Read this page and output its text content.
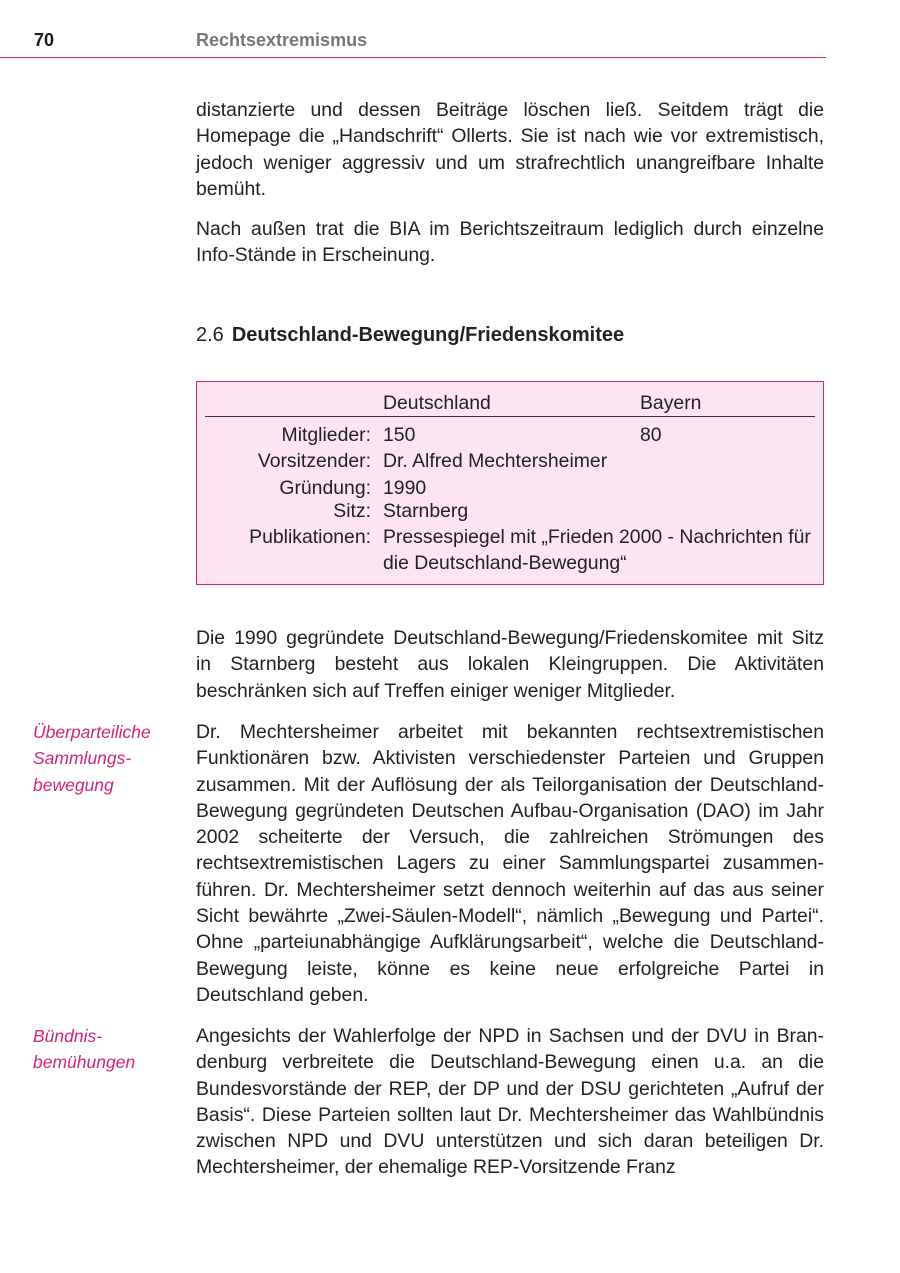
70	Rechtsextremismus

distanzierte und dessen Beiträge löschen ließ. Seitdem trägt die Homepage die „Handschrift“ Ollerts. Sie ist nach wie vor extremistisch, jedoch weniger aggressiv und um strafrechtlich unangreifbare Inhalte bemüht.

Nach außen trat die BIA im Berichtszeitraum lediglich durch einzelne Info-Stände in Erscheinung.

2.6 Deutschland-Bewegung/Friedenskomitee
Deutschland	Bayern
Mitglieder: 150	80
Vorsitzender: Dr. Alfred Mechtersheimer
Gründung: 1990
Sitz: Starnberg
Publikationen: Pressespiegel mit „Frieden 2000 - Nachrichten für die Deutschland-Bewegung“

Die 1990 gegründete Deutschland-Bewegung/Friedenskomitee mit Sitz in Starnberg besteht aus lokalen Kleingruppen. Die Aktivitäten beschränken sich auf Treffen einiger weniger Mitglieder.

Überparteiliche
Sammlungs-
bewegung

Dr. Mechtersheimer arbeitet mit bekannten rechtsextremistischen Funktionären bzw. Aktivisten verschiedenster Parteien und Gruppen zusammen. Mit der Auflösung der als Teilorganisation der Deutschland-Bewegung gegründeten Deutschen Aufbau-Organisation (DAO) im Jahr 2002 scheiterte der Versuch, die zahlreichen Strömungen des rechtsextremistischen Lagers zu einer Sammlungspartei zusammenführen. Dr. Mechtersheimer setzt dennoch weiterhin auf das aus seiner Sicht bewährte „Zwei-Säulen-Modell“, nämlich „Bewegung und Partei“. Ohne „parteiunabhängige Aufklärungsarbeit“, welche die Deutschland-Bewegung leiste, könne es keine neue erfolgreiche Partei in Deutschland geben.

Bündnis-
bemühungen

Angesichts der Wahlerfolge der NPD in Sachsen und der DVU in Brandenburg verbreitete die Deutschland-Bewegung einen u.a. an die Bundesvorstände der REP, der DP und der DSU gerichteten „Aufruf der Basis“. Diese Parteien sollten laut Dr. Mechtersheimer das Wahlbündnis zwischen NPD und DVU unterstützen und sich daran beteiligen Dr. Mechtersheimer, der ehemalige REP-Vorsitzende Franz
